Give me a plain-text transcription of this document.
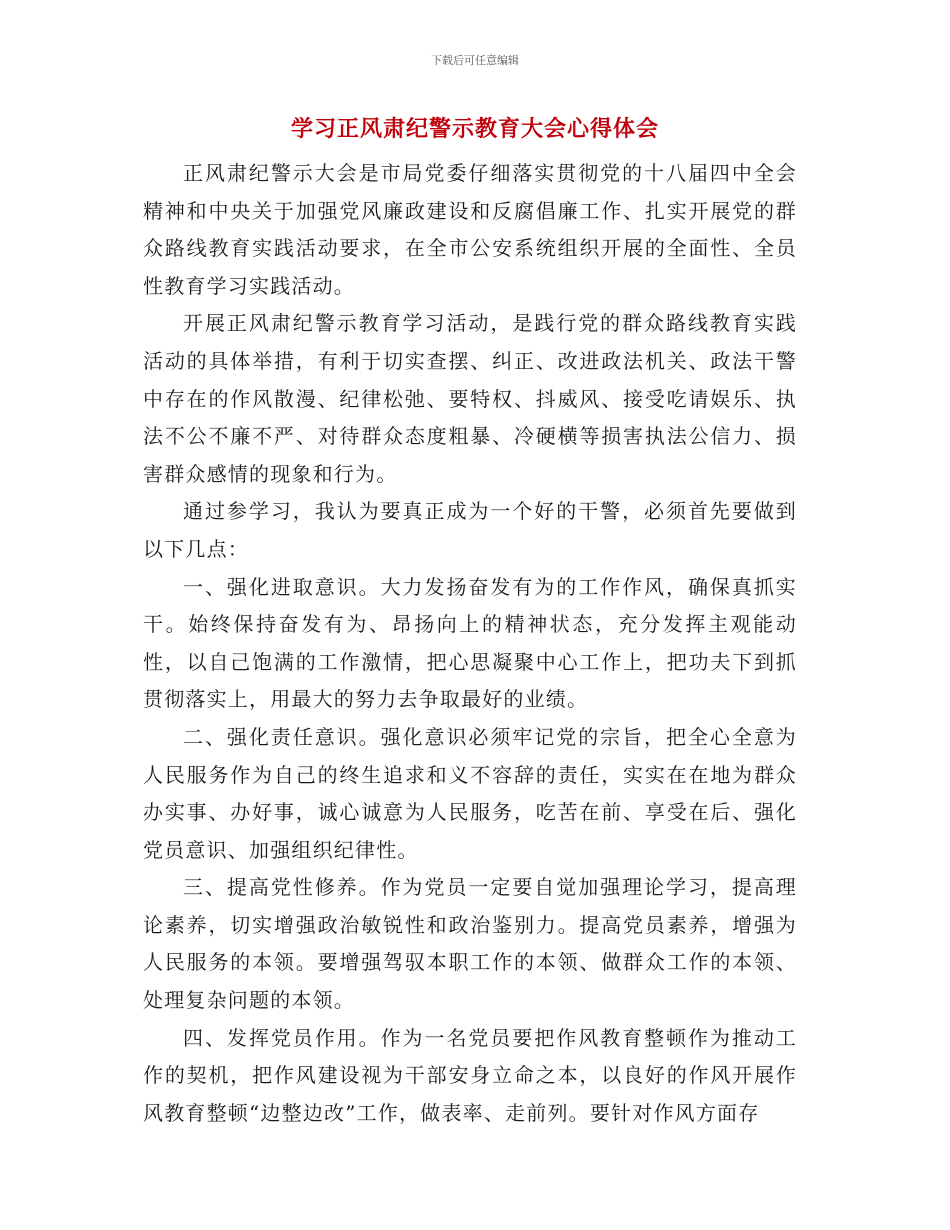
下载后可任意编辑
学习正风肃纪警示教育大会心得体会

正风肃纪警示大会是市局党委仔细落实贯彻党的十八届四中全会精神和中央关于加强党风廉政建设和反腐倡廉工作、扎实开展党的群众路线教育实践活动要求，在全市公安系统组织开展的全面性、全员性教育学习实践活动。

开展正风肃纪警示教育学习活动，是践行党的群众路线教育实践活动的具体举措，有利于切实查摆、纠正、改进政法机关、政法干警中存在的作风散漫、纪律松弛、要特权、抖威风、接受吃请娱乐、执法不公不廉不严、对待群众态度粗暴、冷硬横等损害执法公信力、损害群众感情的现象和行为。

通过参学习，我认为要真正成为一个好的干警，必须首先要做到以下几点：

一、强化进取意识。大力发扬奋发有为的工作作风，确保真抓实干。始终保持奋发有为、昂扬向上的精神状态，充分发挥主观能动性，以自己饱满的工作激情，把心思凝聚中心工作上，把功夫下到抓贯彻落实上，用最大的努力去争取最好的业绩。

二、强化责任意识。强化意识必须牢记党的宗旨，把全心全意为人民服务作为自己的终生追求和义不容辞的责任，实实在在地为群众办实事、办好事，诚心诚意为人民服务，吃苦在前、享受在后、强化党员意识、加强组织纪律性。

三、提高党性修养。作为党员一定要自觉加强理论学习，提高理论素养，切实增强政治敏锐性和政治鉴别力。提高党员素养，增强为人民服务的本领。要增强驾驭本职工作的本领、做群众工作的本领、处理复杂问题的本领。

四、发挥党员作用。作为一名党员要把作风教育整顿作为推动工作的契机，把作风建设视为干部安身立命之本，以良好的作风开展作风教育整顿“边整边改”工作，做表率、走前列。要针对作风方面存
